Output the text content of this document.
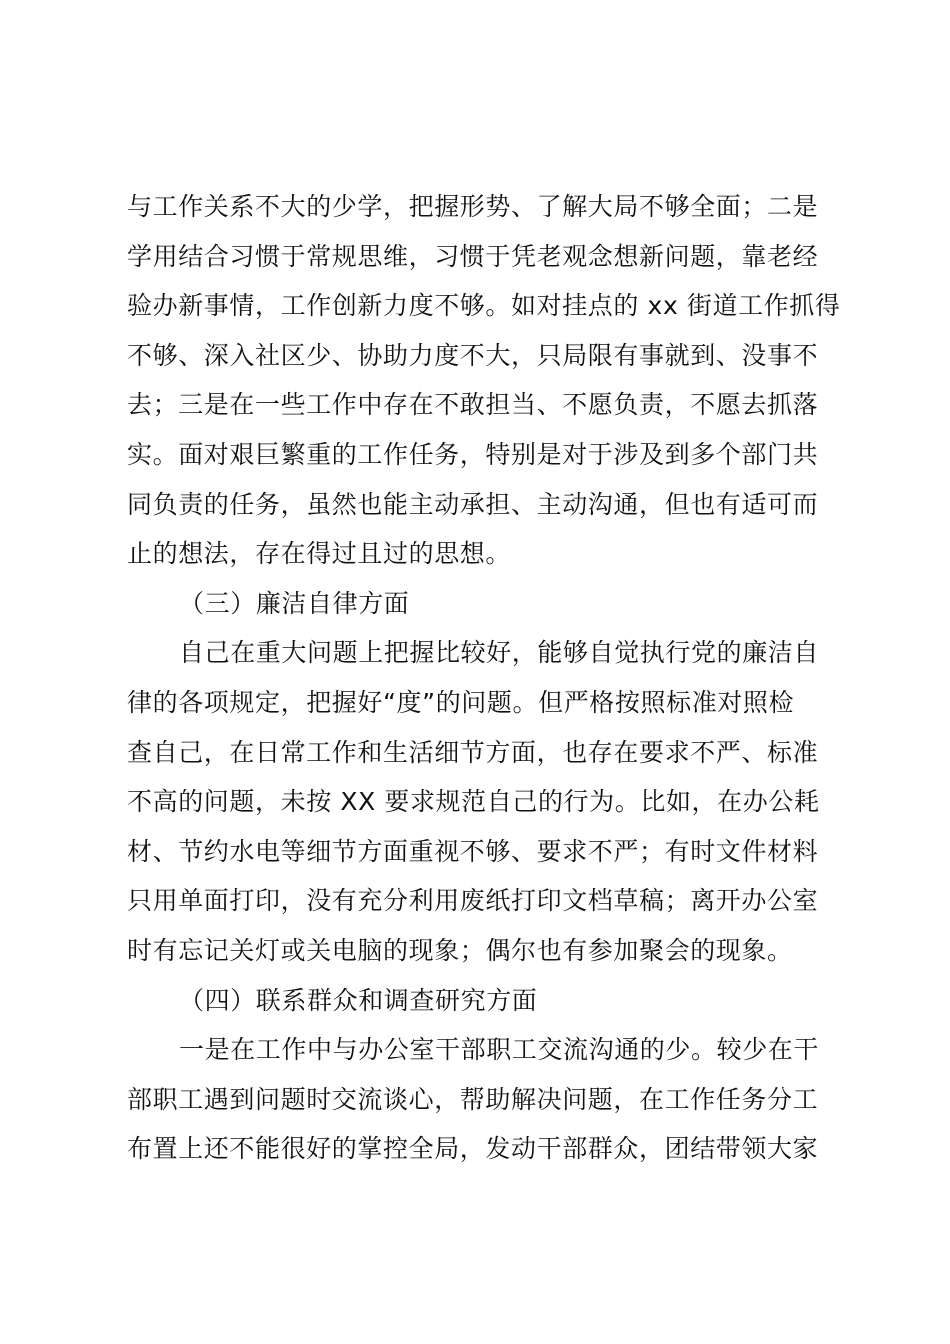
与工作关系不大的少学，把握形势、了解大局不够全面；二是
学用结合习惯于常规思维，习惯于凭老观念想新问题，靠老经
验办新事情，工作创新力度不够。如对挂点的 xx 街道工作抓得
不够、深入社区少、协助力度不大，只局限有事就到、没事不
去；三是在一些工作中存在不敢担当、不愿负责，不愿去抓落
实。面对艰巨繁重的工作任务，特别是对于涉及到多个部门共
同负责的任务，虽然也能主动承担、主动沟通，但也有适可而
止的想法，存在得过且过的思想。
（三）廉洁自律方面
自己在重大问题上把握比较好，能够自觉执行党的廉洁自
律的各项规定，把握好“度”的问题。但严格按照标准对照检
查自己，在日常工作和生活细节方面，也存在要求不严、标准
不高的问题，未按 XX 要求规范自己的行为。比如，在办公耗
材、节约水电等细节方面重视不够、要求不严；有时文件材料
只用单面打印，没有充分利用废纸打印文档草稿；离开办公室
时有忘记关灯或关电脑的现象；偶尔也有参加聚会的现象。
（四）联系群众和调查研究方面
一是在工作中与办公室干部职工交流沟通的少。较少在干
部职工遇到问题时交流谈心，帮助解决问题，在工作任务分工
布置上还不能很好的掌控全局，发动干部群众，团结带领大家
